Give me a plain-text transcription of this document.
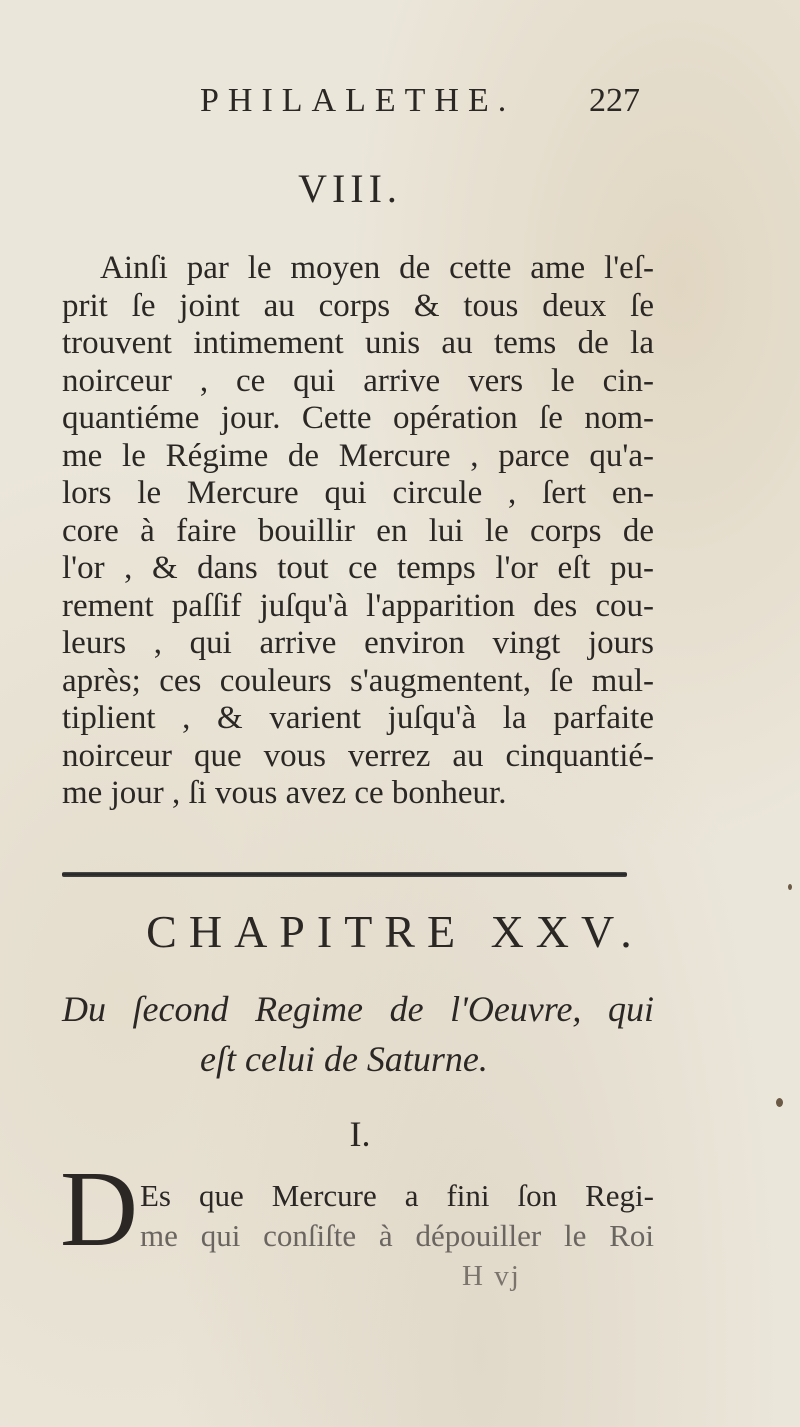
PHILALETHE. 227
VIII.
Ainſi par le moyen de cette ame l'eſ-
prit ſe joint au corps & tous deux ſe
trouvent intimement unis au tems de la
noirceur , ce qui arrive vers le cin-
quantiéme jour. Cette opération ſe nom-
me le Régime de Mercure , parce qu'a-
lors le Mercure qui circule , ſert en-
core à faire bouillir en lui le corps de
l'or , & dans tout ce temps l'or eſt pu-
rement paſſif juſqu'à l'apparition des cou-
leurs , qui arrive environ vingt jours
après; ces couleurs s'augmentent, ſe mul-
tiplient , & varient juſqu'à la parfaite
noirceur que vous verrez au cinquantié-
me jour , ſi vous avez ce bonheur.
CHAPITRE XXV.
Du ſecond Regime de l'Oeuvre, qui
eſt celui de Saturne.
I.
D Es que Mercure a fini ſon Regi-
me qui conſiſte à dépouiller le Roi
H vj
